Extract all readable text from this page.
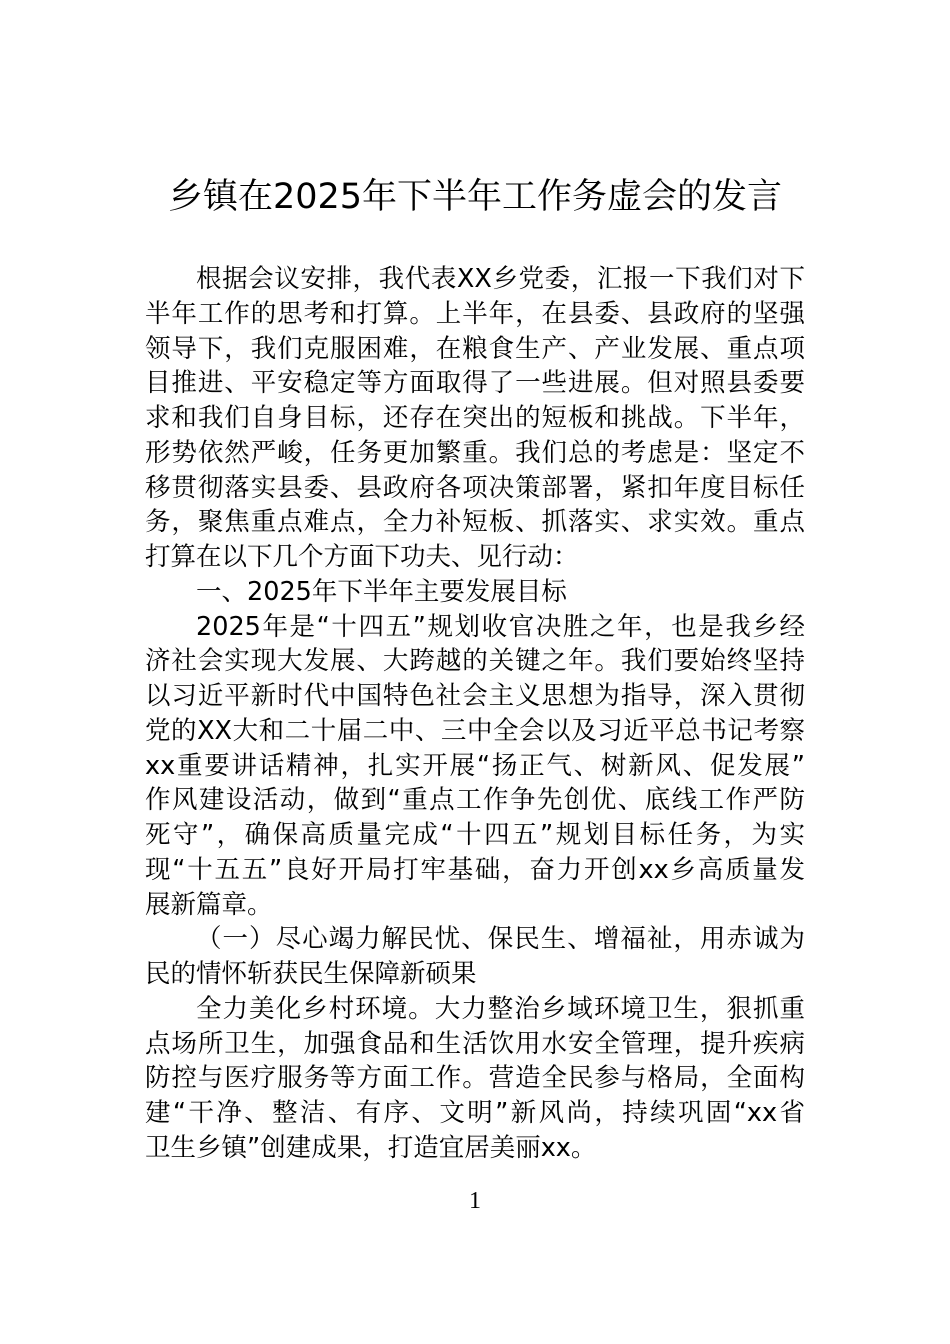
乡镇在2025年下半年工作务虚会的发言
根据会议安排，我代表XX乡党委，汇报一下我们对下
半年工作的思考和打算。上半年，在县委、县政府的坚强
领导下，我们克服困难，在粮食生产、产业发展、重点项
目推进、平安稳定等方面取得了一些进展。但对照县委要
求和我们自身目标，还存在突出的短板和挑战。下半年，
形势依然严峻，任务更加繁重。我们总的考虑是：坚定不
移贯彻落实县委、县政府各项决策部署，紧扣年度目标任
务，聚焦重点难点，全力补短板、抓落实、求实效。重点
打算在以下几个方面下功夫、见行动：
一、2025年下半年主要发展目标
2025年是“十四五”规划收官决胜之年，也是我乡经
济社会实现大发展、大跨越的关键之年。我们要始终坚持
以习近平新时代中国特色社会主义思想为指导，深入贯彻
党的XX大和二十届二中、三中全会以及习近平总书记考察
xx重要讲话精神，扎实开展“扬正气、树新风、促发展”
作风建设活动，做到“重点工作争先创优、底线工作严防
死守”，确保高质量完成“十四五”规划目标任务，为实
现“十五五”良好开局打牢基础，奋力开创xx乡高质量发
展新篇章。
（一）尽心竭力解民忧、保民生、增福祉，用赤诚为
民的情怀斩获民生保障新硕果
全力美化乡村环境。大力整治乡域环境卫生，狠抓重
点场所卫生，加强食品和生活饮用水安全管理，提升疾病
防控与医疗服务等方面工作。营造全民参与格局，全面构
建“干净、整洁、有序、文明”新风尚，持续巩固“xx省
卫生乡镇”创建成果，打造宜居美丽xx。
1
